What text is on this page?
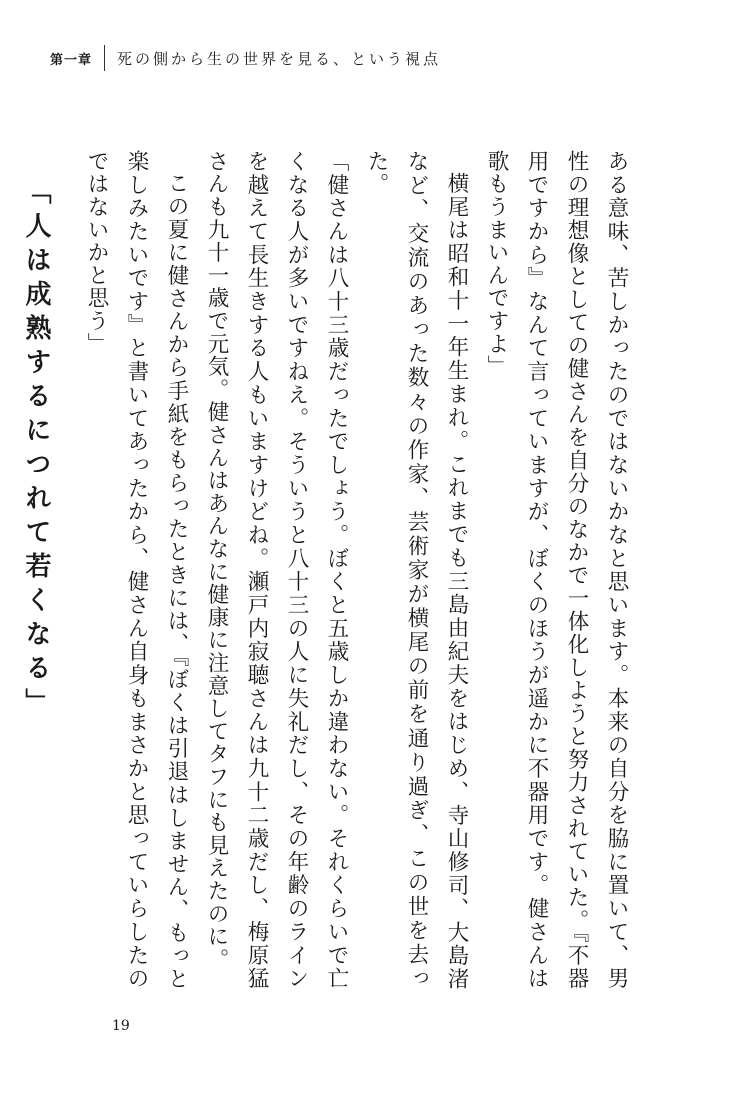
第一章 死の側から生の世界を見る、という視点

ある意味、苦しかったのではないかなと思います。本来の自分を脇に置いて、男性の理想像としての健さんを自分のなかで一体化しようと努力されていた。『不器用ですから』なんて言っていますが、ぼくのほうが遥かに不器用です。健さんは歌もうまいんですよ」

横尾は昭和十一年生まれ。これまでも三島由紀夫をはじめ、寺山修司、大島渚など、交流のあった数々の作家、芸術家が横尾の前を通り過ぎ、この世を去った。

「健さんは八十三歳だったでしょう。ぼくと五歳しか違わない。それくらいで亡くなる人が多いですねえ。そういうと八十三の人に失礼だし、その年齢のラインを越えて長生きする人もいますけどね。瀬戸内寂聴さんは九十二歳だし、梅原猛さんも九十一歳で元気。健さんはあんなに健康に注意してタフにも見えたのに。

この夏に健さんから手紙をもらったときには、『ぼくは引退はしません、もっと楽しみたいです』と書いてあったから、健さん自身もまさかと思っていらしたのではないかと思う」

「人は成熟するにつれて若くなる」

19
